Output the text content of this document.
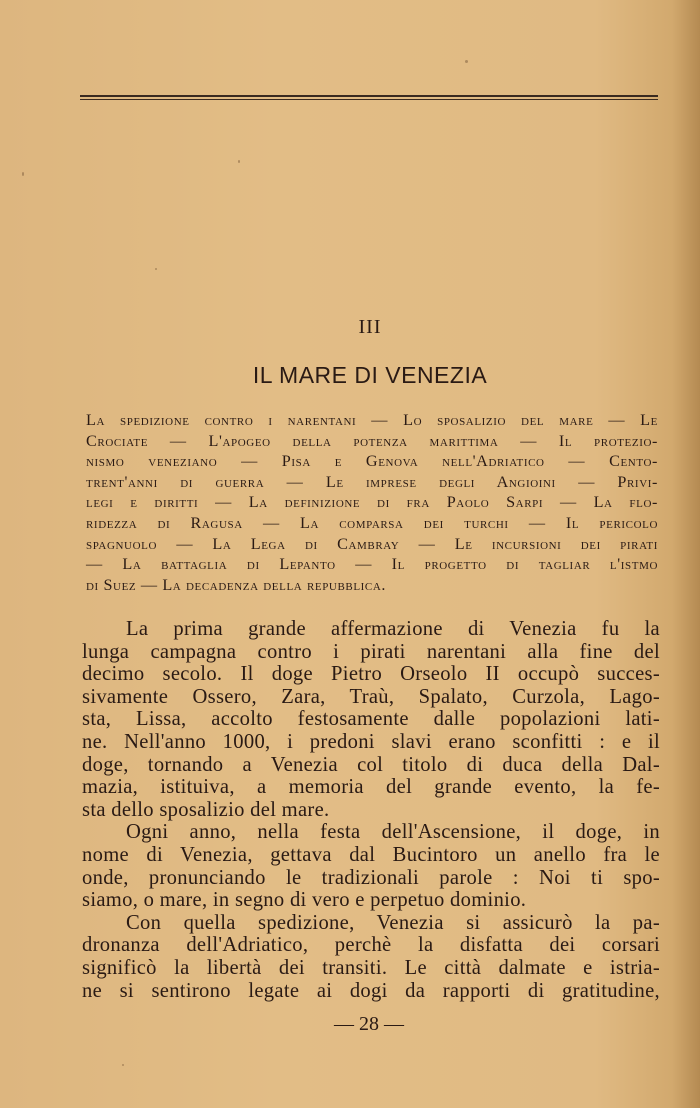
III
IL MARE DI VENEZIA
La spedizione contro i narentani — Lo sposalizio del mare — Le
Crociate — L'apogeo della potenza marittima — Il protezio-
nismo veneziano — Pisa e Genova nell'Adriatico — Cento-
trent'anni di guerra — Le imprese degli Angioini — Privi-
legi e diritti — La definizione di fra Paolo Sarpi — La flo-
ridezza di Ragusa — La comparsa dei turchi — Il pericolo
spagnuolo — La Lega di Cambray — Le incursioni dei pirati
— La battaglia di Lepanto — Il progetto di tagliar l'istmo
di Suez — La decadenza della repubblica.
La prima grande affermazione di Venezia fu la
lunga campagna contro i pirati narentani alla fine del
decimo secolo. Il doge Pietro Orseolo II occupò succes-
sivamente Ossero, Zara, Traù, Spalato, Curzola, Lago-
sta, Lissa, accolto festosamente dalle popolazioni lati-
ne. Nell'anno 1000, i predoni slavi erano sconfitti : e il
doge, tornando a Venezia col titolo di duca della Dal-
mazia, istituiva, a memoria del grande evento, la fe-
sta dello sposalizio del mare.
Ogni anno, nella festa dell'Ascensione, il doge, in
nome di Venezia, gettava dal Bucintoro un anello fra le
onde, pronunciando le tradizionali parole : Noi ti spo-
siamo, o mare, in segno di vero e perpetuo dominio.
Con quella spedizione, Venezia si assicurò la pa-
dronanza dell'Adriatico, perchè la disfatta dei corsari
significò la libertà dei transiti. Le città dalmate e istria-
ne si sentirono legate ai dogi da rapporti di gratitudine,
— 28 —
